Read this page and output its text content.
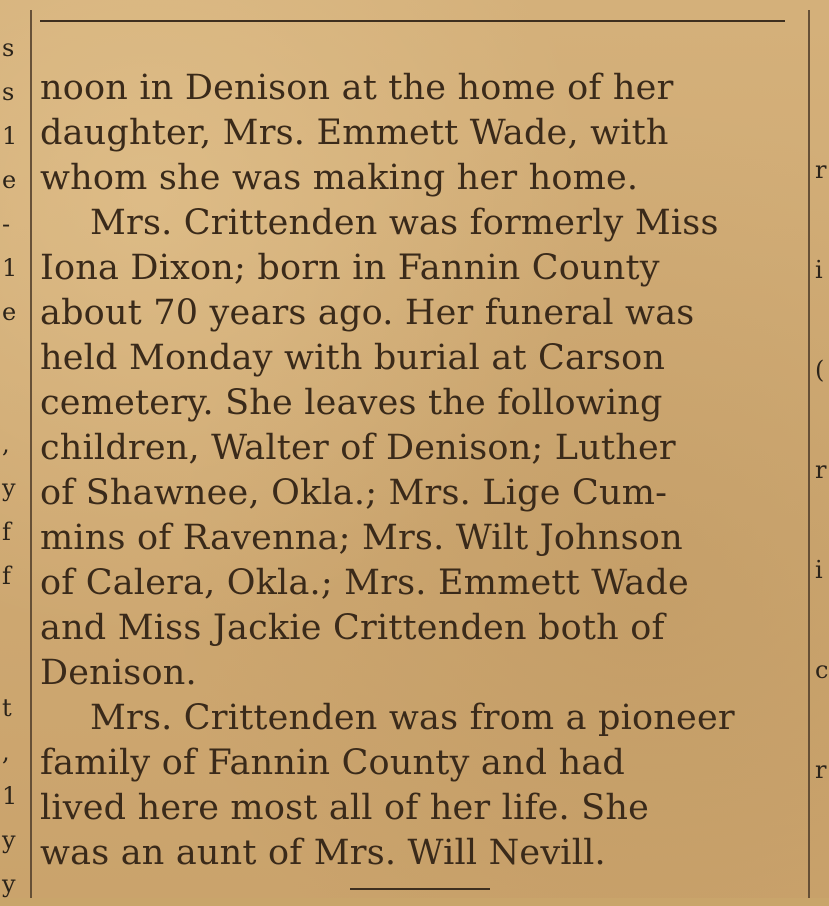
s
s
1
e
-
1
e
,
y
f
f
t
,
1
y
y
r
i
(
r
i
c
r
noon in Denison at the home of her
daughter, Mrs. Emmett Wade, with
whom she was making her home.
Mrs. Crittenden was formerly Miss
Iona Dixon; born in Fannin County
about 70 years ago. Her funeral was
held Monday with burial at Carson
cemetery. She leaves the following
children, Walter of Denison; Luther
of Shawnee, Okla.; Mrs. Lige Cum-
mins of Ravenna; Mrs. Wilt Johnson
of Calera, Okla.; Mrs. Emmett Wade
and Miss Jackie Crittenden both of
Denison.
Mrs. Crittenden was from a pioneer
family of Fannin County and had
lived here most all of her life. She
was an aunt of Mrs. Will Nevill.
